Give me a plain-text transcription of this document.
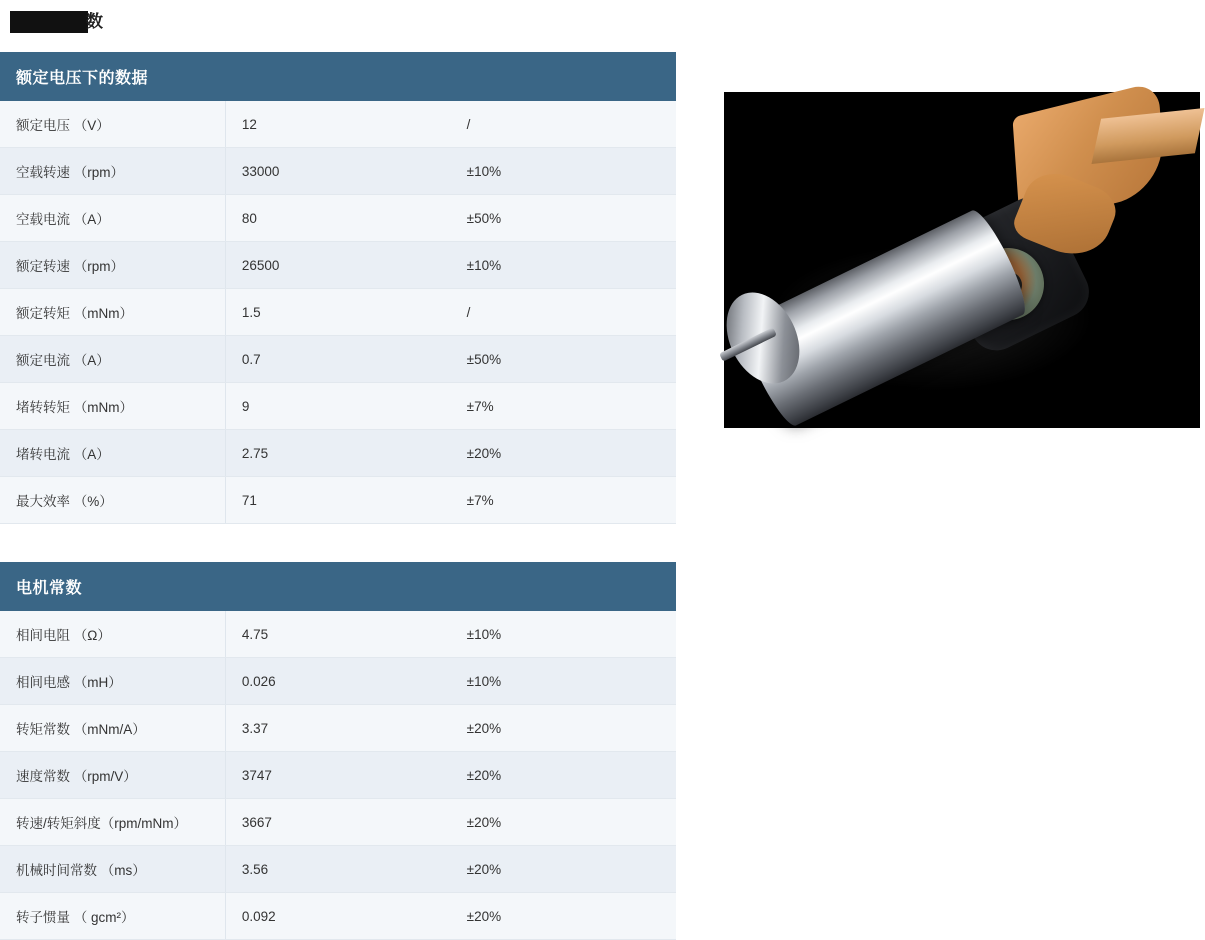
数
额定电压下的数据		
额定电压 （V）	12	/
空载转速 （rpm）	33000	±10%
空载电流 （A）	80	±50%
额定转速 （rpm）	26500	±10%
额定转矩 （mNm）	1.5	/
额定电流 （A）	0.7	±50%
堵转转矩 （mNm）	9	±7%
堵转电流 （A）	2.75	±20%
最大效率 （%）	71	±7%
电机常数		
相间电阻 （Ω）	4.75	±10%
相间电感 （mH）	0.026	±10%
转矩常数 （mNm/A）	3.37	±20%
速度常数 （rpm/V）	3747	±20%
转速/转矩斜度（rpm/mNm）	3667	±20%
机械时间常数 （ms）	3.56	±20%
转子惯量 （ gcm²）	0.092	±20%
